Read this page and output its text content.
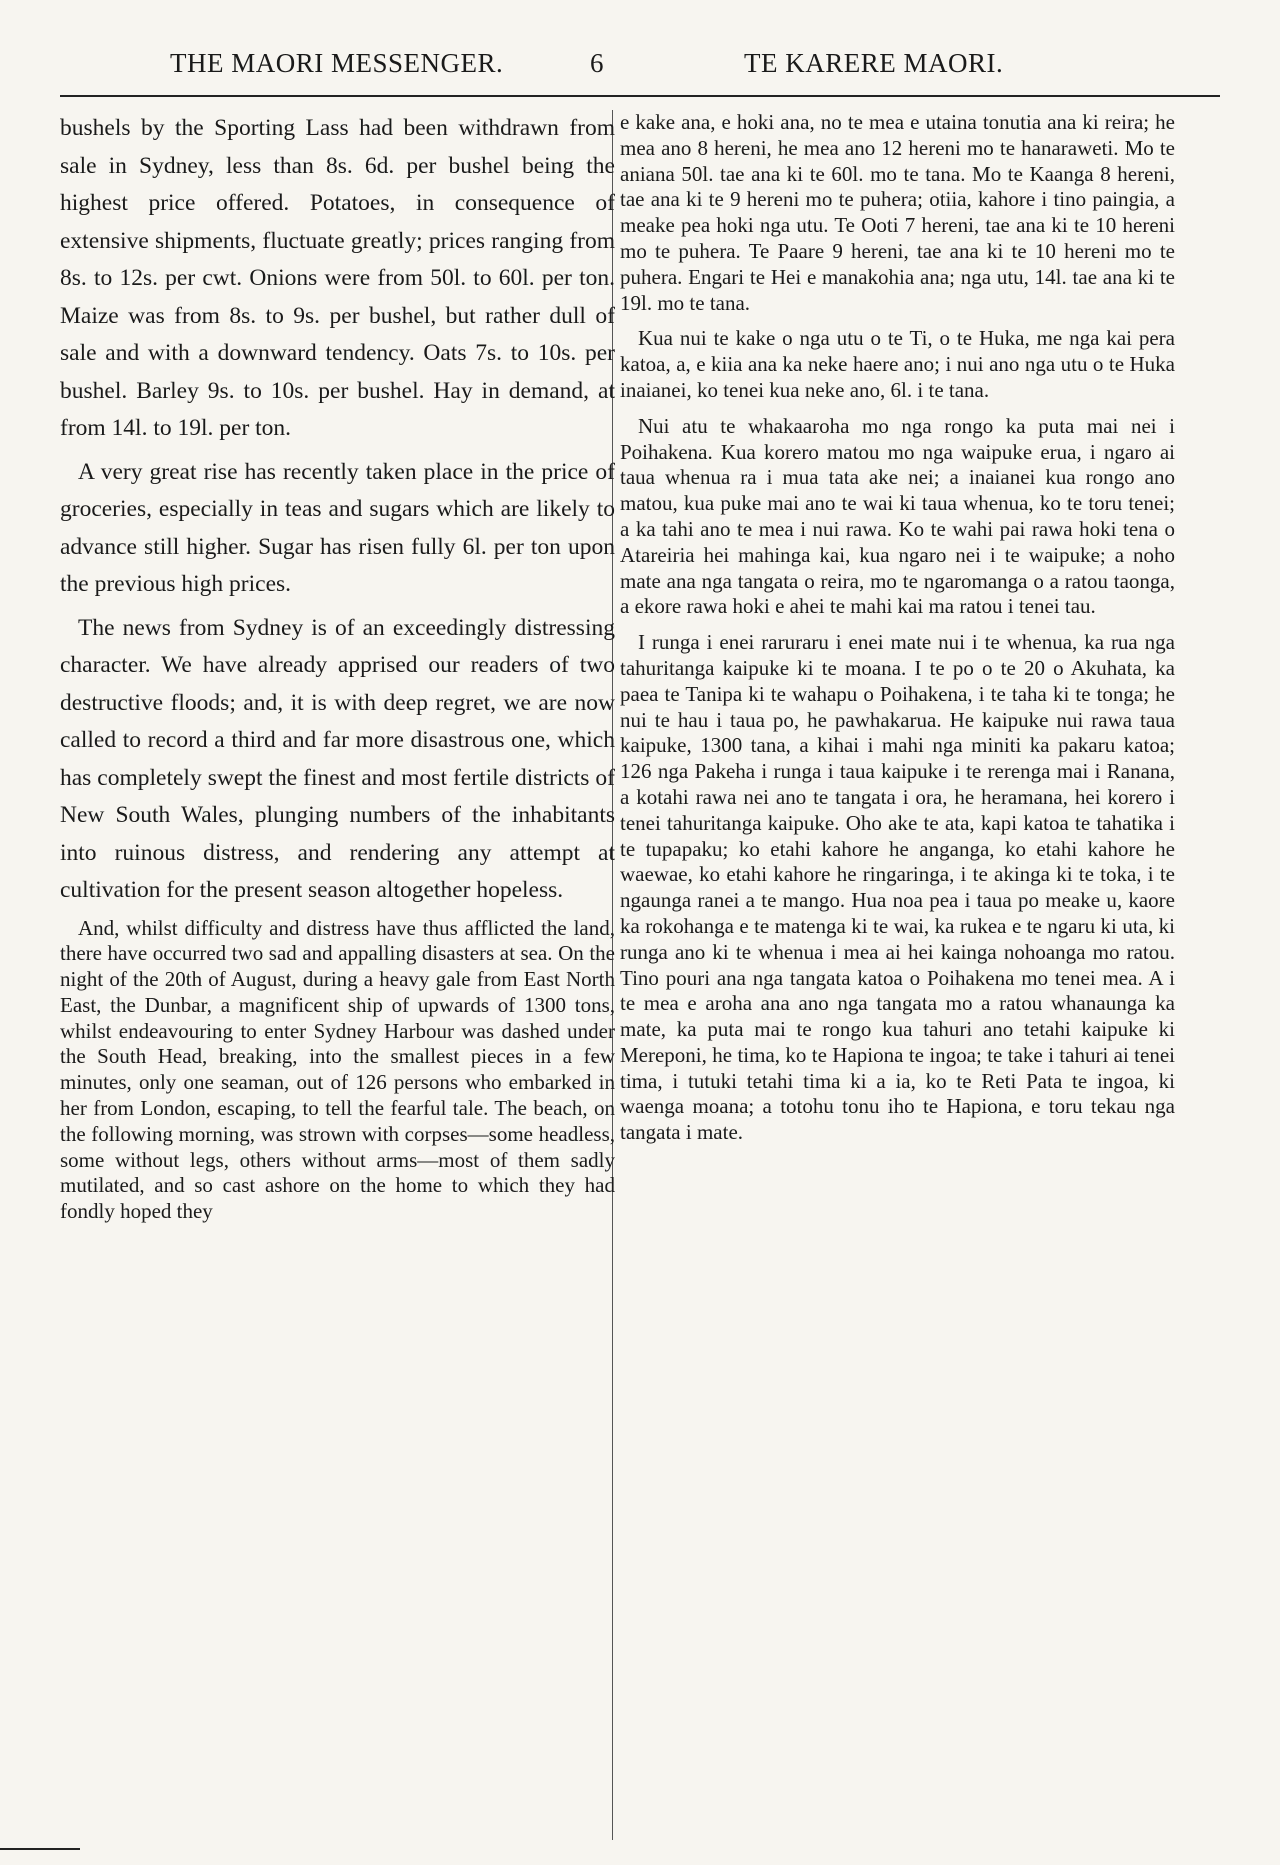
THE MAORI MESSENGER.	6	TE KARERE MAORI.

bushels by the Sporting Lass had been withdrawn from sale in Sydney, less than 8s. 6d. per bushel being the highest price offered. Potatoes, in consequence of extensive shipments, fluctuate greatly; prices ranging from 8s. to 12s. per cwt. Onions were from 50l. to 60l. per ton. Maize was from 8s. to 9s. per bushel, but rather dull of sale and with a downward tendency. Oats 7s. to 10s. per bushel. Barley 9s. to 10s. per bushel. Hay in demand, at from 14l. to 19l. per ton.

A very great rise has recently taken place in the price of groceries, especially in teas and sugars which are likely to advance still higher. Sugar has risen fully 6l. per ton upon the previous high prices.

The news from Sydney is of an exceedingly distressing character. We have already apprised our readers of two destructive floods; and, it is with deep regret, we are now called to record a third and far more disastrous one, which has completely swept the finest and most fertile districts of New South Wales, plunging numbers of the inhabitants into ruinous distress, and rendering any attempt at cultivation for the present season altogether hopeless.

And, whilst difficulty and distress have thus afflicted the land, there have occurred two sad and appalling disasters at sea. On the night of the 20th of August, during a heavy gale from East North East, the Dunbar, a magnificent ship of upwards of 1300 tons, whilst endeavouring to enter Sydney Harbour was dashed under the South Head, breaking, into the smallest pieces in a few minutes, only one seaman, out of 126 persons who embarked in her from London, escaping, to tell the fearful tale. The beach, on the following morning, was strown with corpses—some headless, some without legs, others without arms—most of them sadly mutilated, and so cast ashore on the home to which they had fondly hoped they

e kake ana, e hoki ana, no te mea e utaina tonutia ana ki reira; he mea ano 8 hereni, he mea ano 12 hereni mo te hanaraweti. Mo te aniana 50l. tae ana ki te 60l. mo te tana. Mo te Kaanga 8 hereni, tae ana ki te 9 hereni mo te puhera; otiia, kahore i tino paingia, a meake pea hoki nga utu. Te Ooti 7 hereni, tae ana ki te 10 hereni mo te puhera. Te Paare 9 hereni, tae ana ki te 10 hereni mo te puhera. Engari te Hei e manakohia ana; nga utu, 14l. tae ana ki te 19l. mo te tana.

Kua nui te kake o nga utu o te Ti, o te Huka, me nga kai pera katoa, a, e kiia ana ka neke haere ano; i nui ano nga utu o te Huka inaianei, ko tenei kua neke ano, 6l. i te tana.

Nui atu te whakaaroha mo nga rongo ka puta mai nei i Poihakena. Kua korero matou mo nga waipuke erua, i ngaro ai taua whenua ra i mua tata ake nei; a inaianei kua rongo ano matou, kua puke mai ano te wai ki taua whenua, ko te toru tenei; a ka tahi ano te mea i nui rawa. Ko te wahi pai rawa hoki tena o Atareiria hei mahinga kai, kua ngaro nei i te waipuke; a noho mate ana nga tangata o reira, mo te ngaromanga o a ratou taonga, a ekore rawa hoki e ahei te mahi kai ma ratou i tenei tau.

I runga i enei raruraru i enei mate nui i te whenua, ka rua nga tahuritanga kaipuke ki te moana. I te po o te 20 o Akuhata, ka paea te Tanipa ki te wahapu o Poihakena, i te taha ki te tonga; he nui te hau i taua po, he pawhakarua. He kaipuke nui rawa taua kaipuke, 1300 tana, a kihai i mahi nga miniti ka pakaru katoa; 126 nga Pakeha i runga i taua kaipuke i te rerenga mai i Ranana, a kotahi rawa nei ano te tangata i ora, he heramana, hei korero i tenei tahuritanga kaipuke. Oho ake te ata, kapi katoa te tahatika i te tupapaku; ko etahi kahore he anganga, ko etahi kahore he waewae, ko etahi kahore he ringaringa, i te akinga ki te toka, i te ngaunga ranei a te mango. Hua noa pea i taua po meake u, kaore ka rokohanga e te matenga ki te wai, ka rukea e te ngaru ki uta, ki runga ano ki te whenua i mea ai hei kainga nohoanga mo ratou. Tino pouri ana nga tangata katoa o Poihakena mo tenei mea. A i te mea e aroha ana ano nga tangata mo a ratou whanaunga ka mate, ka puta mai te rongo kua tahuri ano tetahi kaipuke ki Mereponi, he tima, ko te Hapiona te ingoa; te take i tahuri ai tenei tima, i tutuki tetahi tima ki a ia, ko te Reti Pata te ingoa, ki waenga moana; a totohu tonu iho te Hapiona, e toru tekau nga tangata i mate.
